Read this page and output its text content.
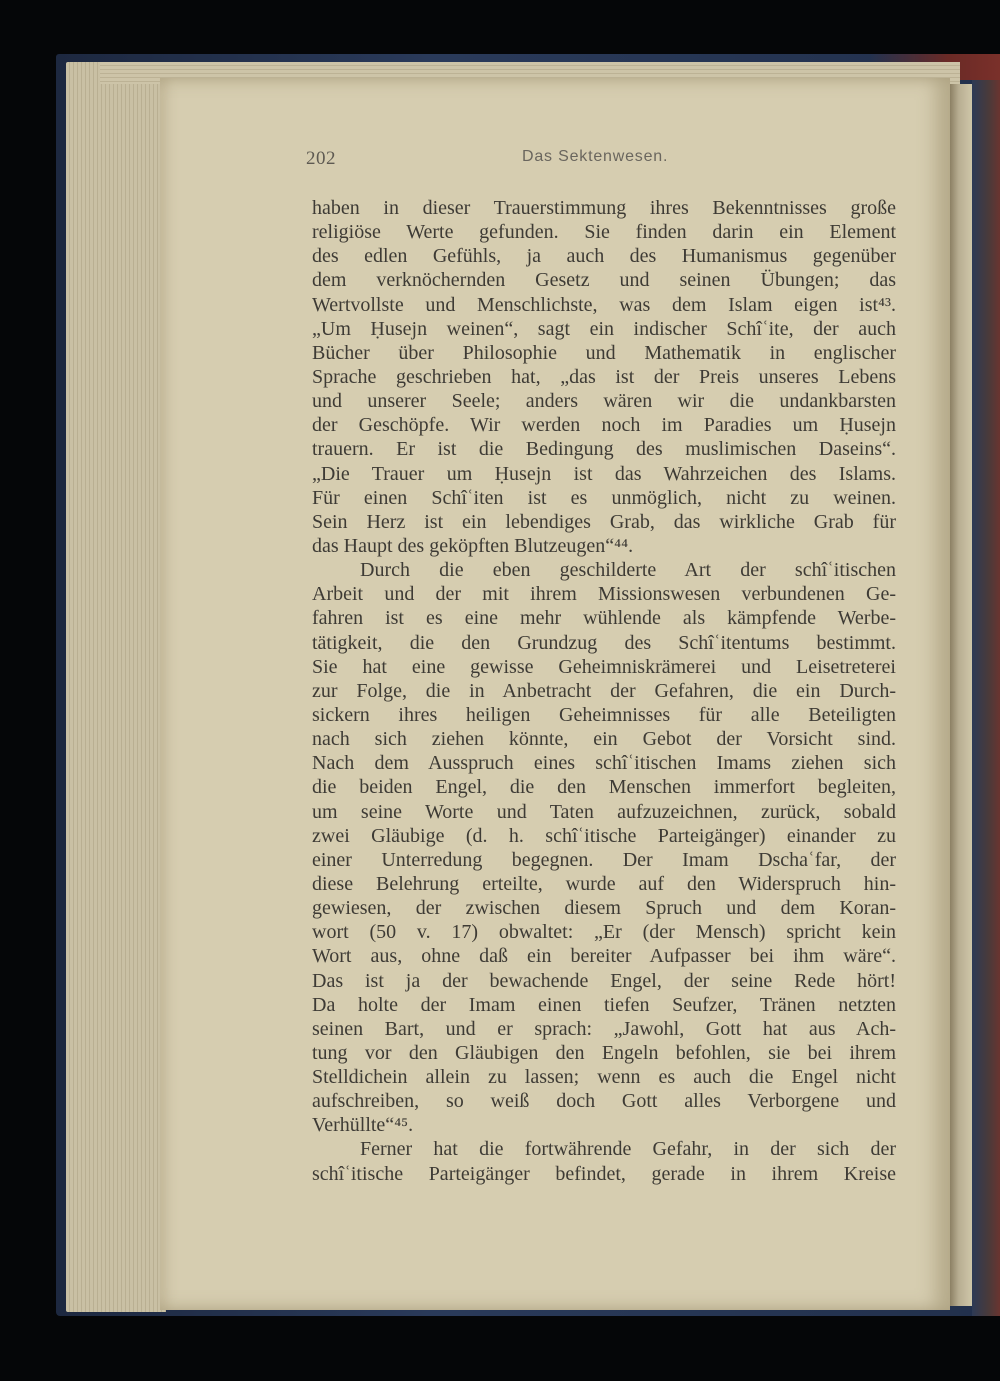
202	Das Sektenwesen.
haben in dieser Trauerstimmung ihres Bekenntnisses große
religiöse Werte gefunden. Sie finden darin ein Element
des edlen Gefühls, ja auch des Humanismus gegenüber
dem verknöchernden Gesetz und seinen Übungen; das
Wertvollste und Menschlichste, was dem Islam eigen ist⁴³.
„Um Ḥusejn weinen“, sagt ein indischer Schîʿite, der auch
Bücher über Philosophie und Mathematik in englischer
Sprache geschrieben hat, „das ist der Preis unseres Lebens
und unserer Seele; anders wären wir die undankbarsten
der Geschöpfe. Wir werden noch im Paradies um Ḥusejn
trauern. Er ist die Bedingung des muslimischen Daseins“.
„Die Trauer um Ḥusejn ist das Wahrzeichen des Islams.
Für einen Schîʿiten ist es unmöglich, nicht zu weinen.
Sein Herz ist ein lebendiges Grab, das wirkliche Grab für
das Haupt des geköpften Blutzeugen“⁴⁴.
Durch die eben geschilderte Art der schîʿitischen
Arbeit und der mit ihrem Missionswesen verbundenen Ge-
fahren ist es eine mehr wühlende als kämpfende Werbe-
tätigkeit, die den Grundzug des Schîʿitentums bestimmt.
Sie hat eine gewisse Geheimniskrämerei und Leisetreterei
zur Folge, die in Anbetracht der Gefahren, die ein Durch-
sickern ihres heiligen Geheimnisses für alle Beteiligten
nach sich ziehen könnte, ein Gebot der Vorsicht sind.
Nach dem Ausspruch eines schîʿitischen Imams ziehen sich
die beiden Engel, die den Menschen immerfort begleiten,
um seine Worte und Taten aufzuzeichnen, zurück, sobald
zwei Gläubige (d. h. schîʿitische Parteigänger) einander zu
einer Unterredung begegnen. Der Imam Dschaʿfar, der
diese Belehrung erteilte, wurde auf den Widerspruch hin-
gewiesen, der zwischen diesem Spruch und dem Koran-
wort (50 v. 17) obwaltet: „Er (der Mensch) spricht kein
Wort aus, ohne daß ein bereiter Aufpasser bei ihm wäre“.
Das ist ja der bewachende Engel, der seine Rede hört!
Da holte der Imam einen tiefen Seufzer, Tränen netzten
seinen Bart, und er sprach: „Jawohl, Gott hat aus Ach-
tung vor den Gläubigen den Engeln befohlen, sie bei ihrem
Stelldichein allein zu lassen; wenn es auch die Engel nicht
aufschreiben, so weiß doch Gott alles Verborgene und
Verhüllte“⁴⁵.
Ferner hat die fortwährende Gefahr, in der sich der
schîʿitische Parteigänger befindet, gerade in ihrem Kreise
